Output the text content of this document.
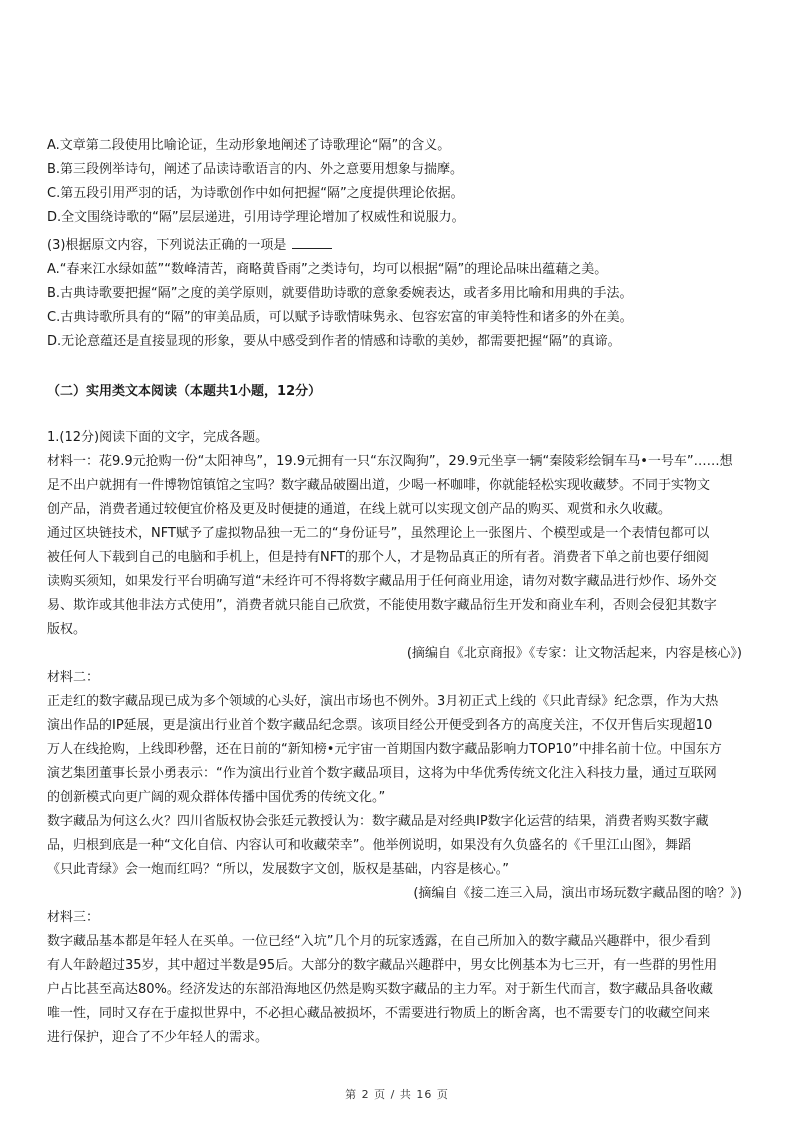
A.文章第二段使用比喻论证，生动形象地阐述了诗歌理论“隔”的含义。
B.第三段例举诗句，阐述了品读诗歌语言的内、外之意要用想象与揣摩。
C.第五段引用严羽的话，为诗歌创作中如何把握“隔”之度提供理论依据。
D.全文围绕诗歌的“隔”层层递进，引用诗学理论增加了权威性和说服力。
(3)根据原文内容，下列说法正确的一项是
A.“春来江水绿如蓝”“数峰清苦，商略黄昏雨”之类诗句，均可以根据“隔”的理论品味出蕴藉之美。
B.古典诗歌要把握“隔”之度的美学原则，就要借助诗歌的意象委婉表达，或者多用比喻和用典的手法。
C.古典诗歌所具有的“隔”的审美品质，可以赋予诗歌情味隽永、包容宏富的审美特性和诸多的外在美。
D.无论意蕴还是直接显现的形象，要从中感受到作者的情感和诗歌的美妙，都需要把握“隔”的真谛。
（二）实用类文本阅读（本题共1小题，12分）
1.(12分)阅读下面的文字，完成各题。
材料一：花9.9元抢购一份“太阳神鸟”，19.9元拥有一只“东汉陶狗”，29.9元坐享一辆“秦陵彩绘铜车马•一号车”……想
足不出户就拥有一件博物馆镇馆之宝吗？数字藏品破圈出道，少喝一杯咖啡，你就能轻松实现收藏梦。不同于实物文
创产品，消费者通过较便宜价格及更及时便捷的通道，在线上就可以实现文创产品的购买、观赏和永久收藏。
通过区块链技术，NFT赋予了虚拟物品独一无二的“身份证号”，虽然理论上一张图片、个模型或是一个表情包都可以
被任何人下载到自己的电脑和手机上，但是持有NFT的那个人，才是物品真正的所有者。消费者下单之前也要仔细阅
读购买须知，如果发行平台明确写道“未经许可不得将数字藏品用于任何商业用途，请勿对数字藏品进行炒作、场外交
易、欺诈或其他非法方式使用”，消费者就只能自己欣赏，不能使用数字藏品衍生开发和商业车利，否则会侵犯其数字
版权。
(摘编自《北京商报》《专家：让文物活起来，内容是核心》)
材料二：
正走红的数字藏品现已成为多个领域的心头好，演出市场也不例外。3月初正式上线的《只此青绿》纪念票，作为大热
演出作品的IP延展，更是演出行业首个数字藏品纪念票。该项目经公开便受到各方的高度关注，不仅开售后实现超10
万人在线抢购，上线即秒罄，还在日前的“新知榜•元宇宙一首期国内数字藏品影响力TOP10”中排名前十位。中国东方
演艺集团董事长景小勇表示：“作为演出行业首个数字藏品项目，这将为中华优秀传统文化注入科技力量，通过互联网
的创新模式向更广阔的观众群体传播中国优秀的传统文化。”
数字藏品为何这么火？四川省版权协会张廷元教授认为：数字藏品是对经典IP数字化运营的结果，消费者购买数字藏
品，归根到底是一种“文化自信、内容认可和收藏荣幸”。他举例说明，如果没有久负盛名的《千里江山图》，舞蹈
《只此青绿》会一炮而红吗？“所以，发展数字文创，版权是基础，内容是核心。”
(摘编自《接二连三入局，演出市场玩数字藏品图的啥？》)
材料三：
数字藏品基本都是年轻人在买单。一位已经“入坑”几个月的玩家透露，在自己所加入的数字藏品兴趣群中，很少看到
有人年龄超过35岁，其中超过半数是95后。大部分的数字藏品兴趣群中，男女比例基本为七三开，有一些群的男性用
户占比甚至高达80%。经济发达的东部沿海地区仍然是购买数字藏品的主力军。对于新生代而言，数字藏品具备收藏
唯一性，同时又存在于虚拟世界中，不必担心藏品被损坏，不需要进行物质上的断舍离，也不需要专门的收藏空间来
进行保护，迎合了不少年轻人的需求。
第 2 页 / 共 16 页
